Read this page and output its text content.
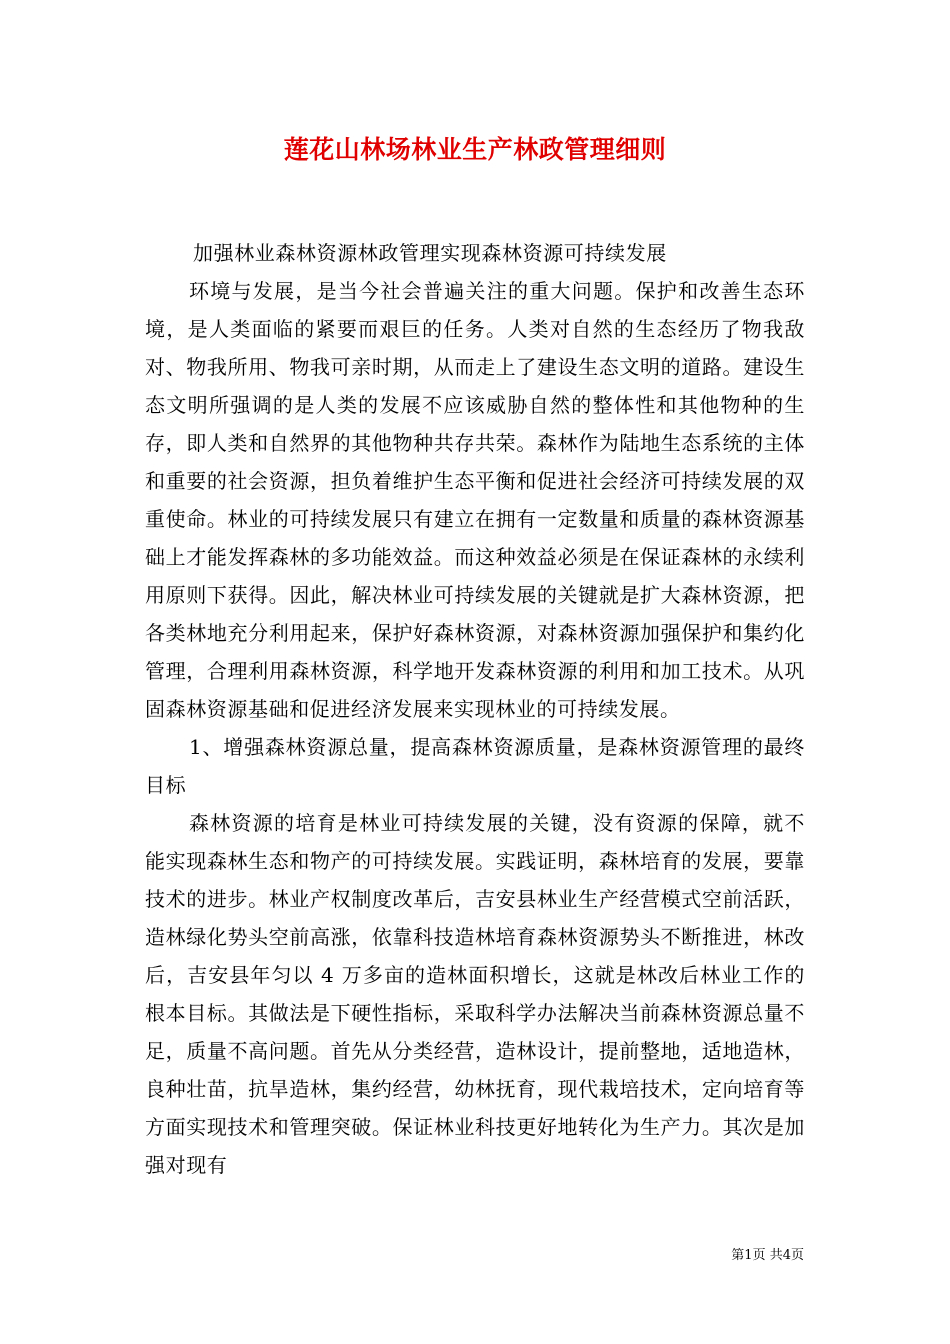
莲花山林场林业生产林政管理细则

加强林业森林资源林政管理实现森林资源可持续发展

环境与发展，是当今社会普遍关注的重大问题。保护和改善生态环境，是人类面临的紧要而艰巨的任务。人类对自然的生态经历了物我敌对、物我所用、物我可亲时期，从而走上了建设生态文明的道路。建设生态文明所强调的是人类的发展不应该威胁自然的整体性和其他物种的生存，即人类和自然界的其他物种共存共荣。森林作为陆地生态系统的主体和重要的社会资源，担负着维护生态平衡和促进社会经济可持续发展的双重使命。林业的可持续发展只有建立在拥有一定数量和质量的森林资源基础上才能发挥森林的多功能效益。而这种效益必须是在保证森林的永续利用原则下获得。因此，解决林业可持续发展的关键就是扩大森林资源，把各类林地充分利用起来，保护好森林资源，对森林资源加强保护和集约化管理，合理利用森林资源，科学地开发森林资源的利用和加工技术。从巩固森林资源基础和促进经济发展来实现林业的可持续发展。

1、增强森林资源总量，提高森林资源质量，是森林资源管理的最终目标

森林资源的培育是林业可持续发展的关键，没有资源的保障，就不能实现森林生态和物产的可持续发展。实践证明，森林培育的发展，要靠技术的进步。林业产权制度改革后，吉安县林业生产经营模式空前活跃，造林绿化势头空前高涨，依靠科技造林培育森林资源势头不断推进，林改后，吉安县年匀以 4 万多亩的造林面积增长，这就是林改后林业工作的根本目标。其做法是下硬性指标，采取科学办法解决当前森林资源总量不足，质量不高问题。首先从分类经营，造林设计，提前整地，适地造林，良种壮苗，抗旱造林，集约经营，幼林抚育，现代栽培技术，定向培育等方面实现技术和管理突破。保证林业科技更好地转化为生产力。其次是加强对现有

第1页 共4页
